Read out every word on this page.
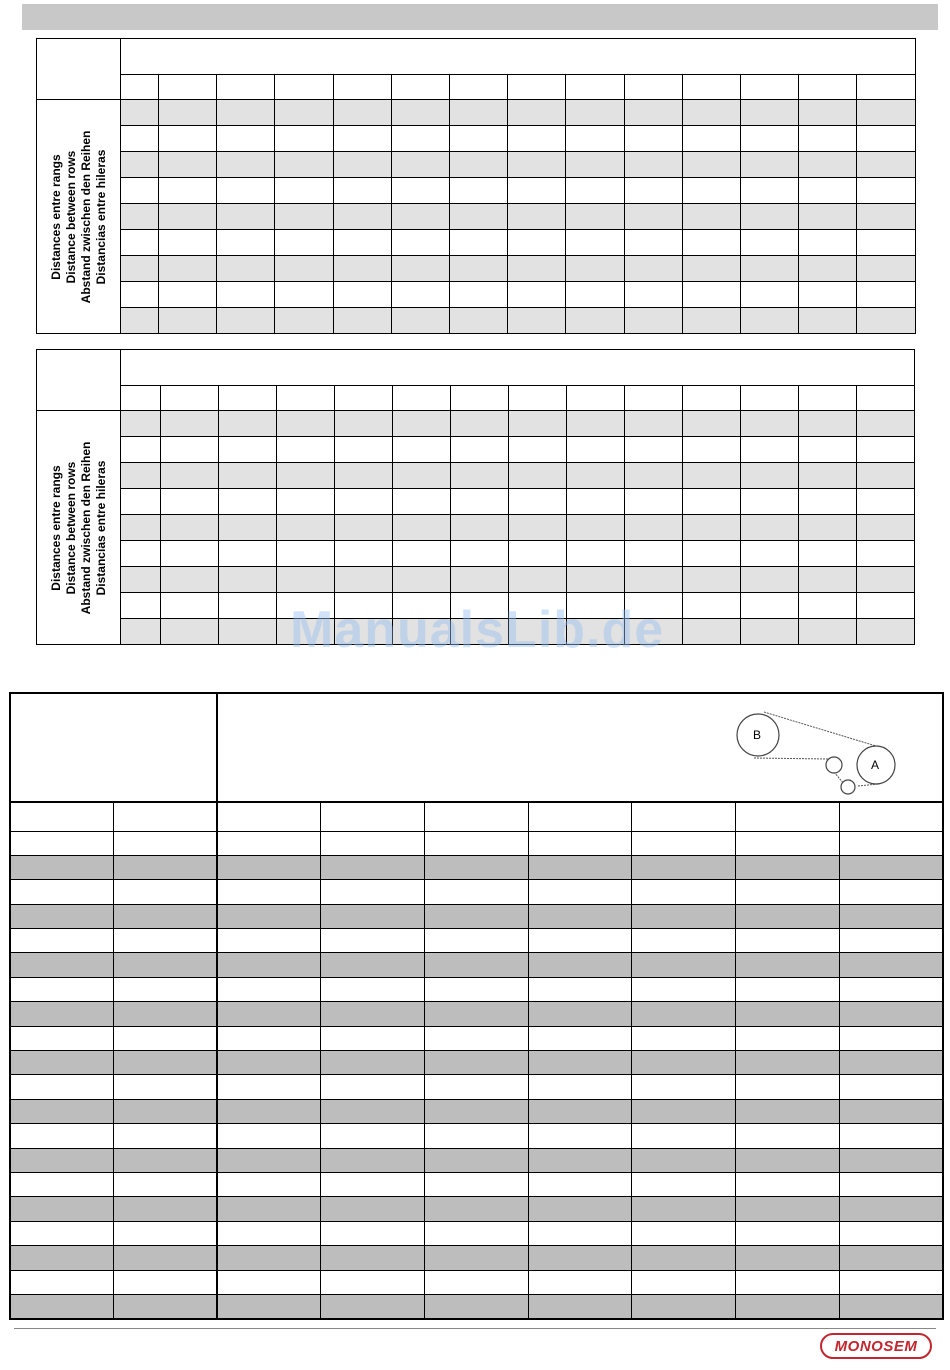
Distances entre rangs Distance between rows Abstand zwischen den Reihen Distancias entre hileras														

Distances entre rangs Distance between rows Abstand zwischen den Reihen Distancias entre hileras														

B
A						

ManualsLib.de
MONOSEM
